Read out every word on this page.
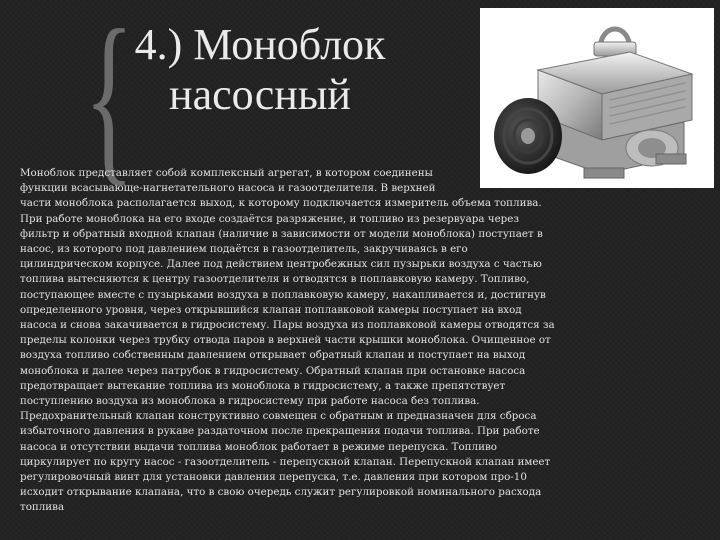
{ 4.) Моноблок
насосный
Моноблок представляет собой комплексный агрегат, в котором соединены
функции всасывающе-нагнетательного насоса и газоотделителя. В верхней
части моноблока располагается выход, к которому подключается измеритель объема топлива.
При работе моноблока на его входе создаётся разряжение, и топливо из резервуара через
фильтр и обратный входной клапан (наличие в зависимости от модели моноблока) поступает в
насос, из которого под давлением подаётся в газоотделитель, закручиваясь в его
цилиндрическом корпусе. Далее под действием центробежных сил пузырьки воздуха с частью
топлива вытесняются к центру газоотделителя и отводятся в поплавковую камеру. Топливо,
поступающее вместе с пузырьками воздуха в поплавковую камеру, накапливается и, достигнув
определенного уровня, через открывшийся клапан поплавковой камеры поступает на вход
насоса и снова закачивается в гидросистему. Пары воздуха из поплавковой камеры отводятся за
пределы колонки через трубку отвода паров в верхней части крышки моноблока. Очищенное от
воздуха топливо собственным давлением открывает обратный клапан и поступает на выход
моноблока и далее через патрубок в гидросистему. Обратный клапан при остановке насоса
предотвращает вытекание топлива из моноблока в гидросистему, а также препятствует
поступлению воздуха из моноблока в гидросистему при работе насоса без топлива.
Предохранительный клапан конструктивно совмещен с обратным и предназначен для сброса
избыточного давления в рукаве раздаточном после прекращения подачи топлива. При работе
насоса и отсутствии выдачи топлива моноблок работает в режиме перепуска. Топливо
циркулирует по кругу насос - газоотделитель - перепускной клапан. Перепускной клапан имеет
регулировочный винт для установки давления перепуска, т.е. давления при котором про-10
исходит открывание клапана, что в свою очередь служит регулировкой номинального расхода
топлива
